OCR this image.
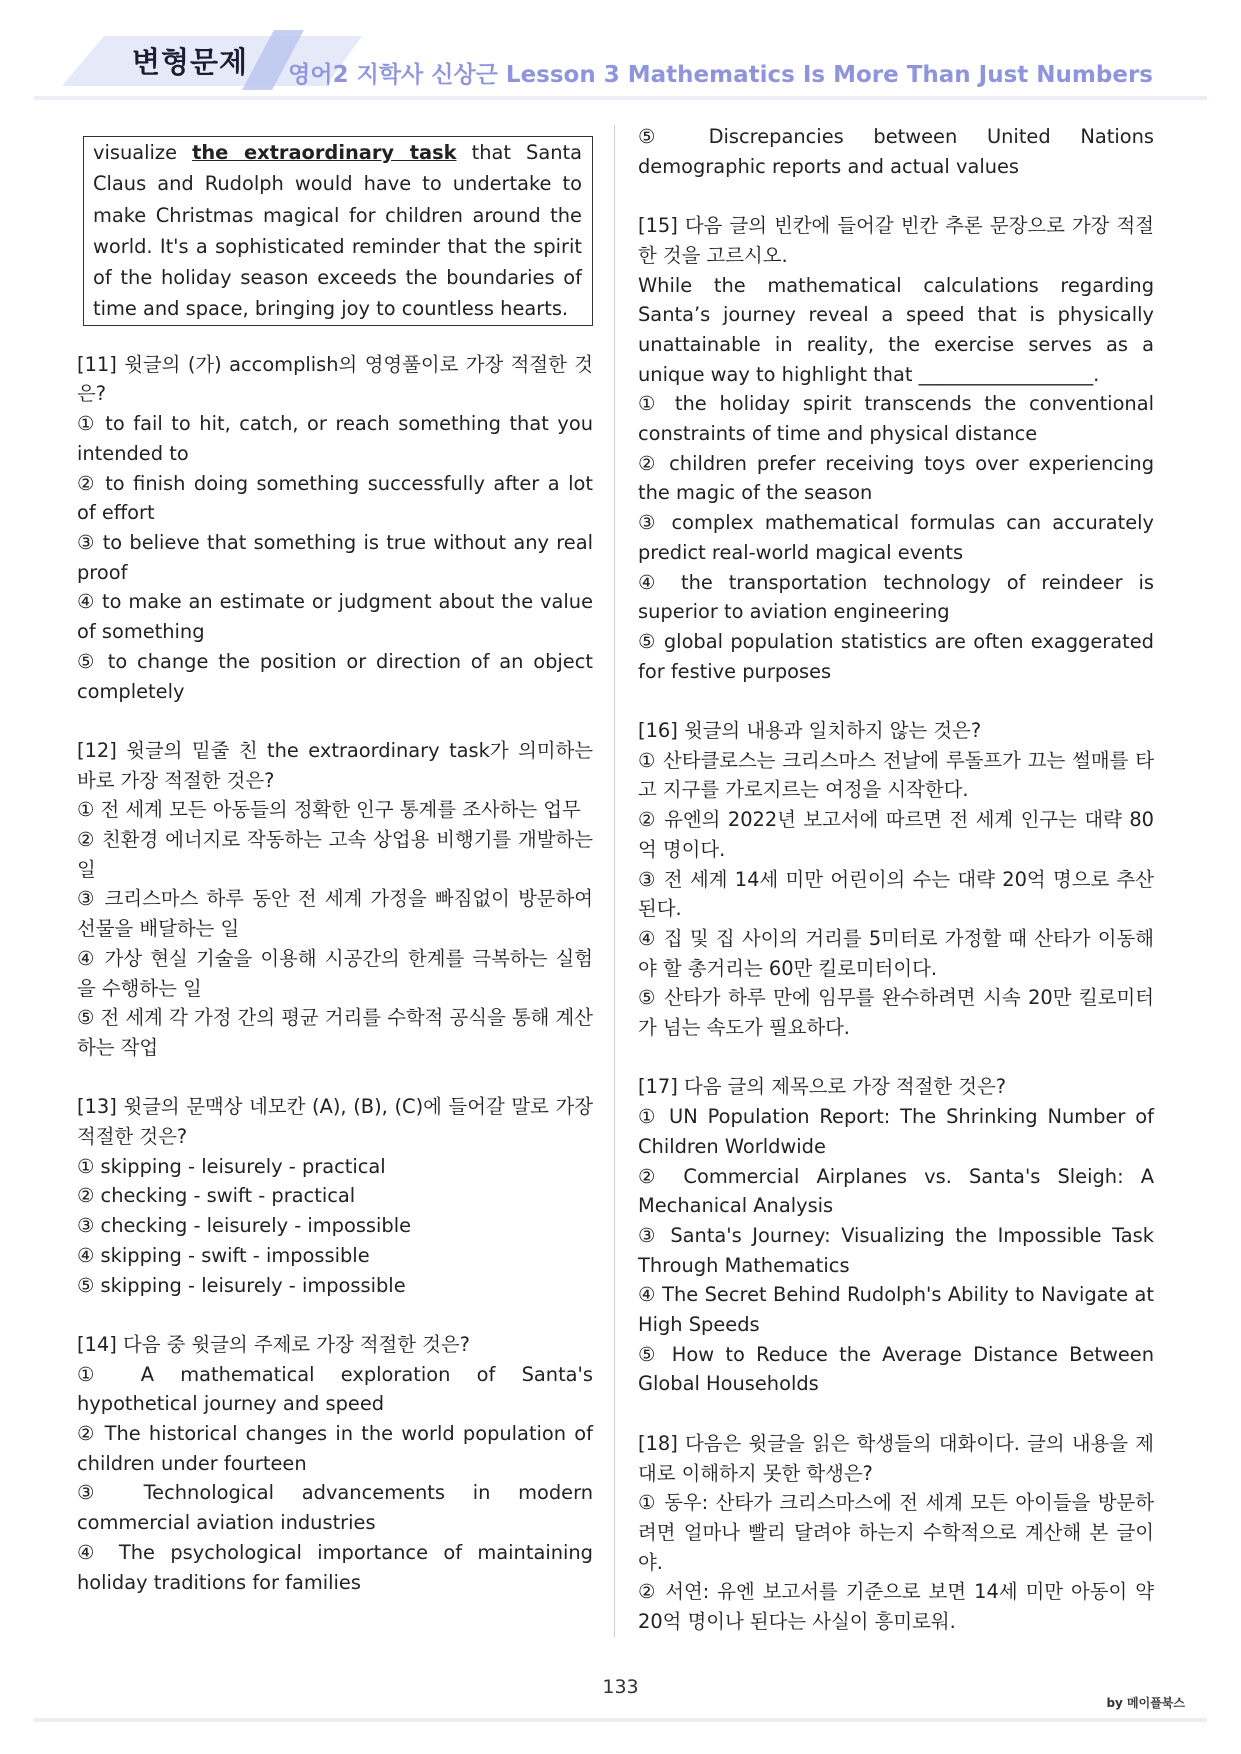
변형문제 영어2 지학사 신상근 Lesson 3 Mathematics Is More Than Just Numbers
visualize the extraordinary task that Santa Claus and Rudolph would have to undertake to make Christmas magical for children around the world. It's a sophisticated reminder that the spirit of the holiday season exceeds the boundaries of time and space, bringing joy to countless hearts.

[11] 윗글의 (가) accomplish의 영영풀이로 가장 적절한 것은?

① to fail to hit, catch, or reach something that you intended to

② to finish doing something successfully after a lot of effort

③ to believe that something is true without any real proof

④ to make an estimate or judgment about the value of something

⑤ to change the position or direction of an object completely

[12] 윗글의 밑줄 친 the extraordinary task가 의미하는 바로 가장 적절한 것은?

① 전 세계 모든 아동들의 정확한 인구 통계를 조사하는 업무

② 친환경 에너지로 작동하는 고속 상업용 비행기를 개발하는 일

③ 크리스마스 하루 동안 전 세계 가정을 빠짐없이 방문하여 선물을 배달하는 일

④ 가상 현실 기술을 이용해 시공간의 한계를 극복하는 실험을 수행하는 일

⑤ 전 세계 각 가정 간의 평균 거리를 수학적 공식을 통해 계산하는 작업

[13] 윗글의 문맥상 네모칸 (A), (B), (C)에 들어갈 말로 가장 적절한 것은?

① skipping - leisurely - practical

② checking - swift - practical

③ checking - leisurely - impossible

④ skipping - swift - impossible

⑤ skipping - leisurely - impossible

[14] 다음 중 윗글의 주제로 가장 적절한 것은?

① A mathematical exploration of Santa's hypothetical journey and speed

② The historical changes in the world population of children under fourteen

③ Technological advancements in modern commercial aviation industries

④ The psychological importance of maintaining holiday traditions for families

⑤ Discrepancies between United Nations demographic reports and actual values

[15] 다음 글의 빈칸에 들어갈 빈칸 추론 문장으로 가장 적절한 것을 고르시오.

While the mathematical calculations regarding Santa’s journey reveal a speed that is physically unattainable in reality, the exercise serves as a unique way to highlight that __________________.

① the holiday spirit transcends the conventional constraints of time and physical distance

② children prefer receiving toys over experiencing the magic of the season

③ complex mathematical formulas can accurately predict real-world magical events

④ the transportation technology of reindeer is superior to aviation engineering

⑤ global population statistics are often exaggerated for festive purposes

[16] 윗글의 내용과 일치하지 않는 것은?

① 산타클로스는 크리스마스 전날에 루돌프가 끄는 썰매를 타고 지구를 가로지르는 여정을 시작한다.

② 유엔의 2022년 보고서에 따르면 전 세계 인구는 대략 80억 명이다.

③ 전 세계 14세 미만 어린이의 수는 대략 20억 명으로 추산된다.

④ 집 및 집 사이의 거리를 5미터로 가정할 때 산타가 이동해야 할 총거리는 60만 킬로미터이다.

⑤ 산타가 하루 만에 임무를 완수하려면 시속 20만 킬로미터가 넘는 속도가 필요하다.

[17] 다음 글의 제목으로 가장 적절한 것은?

① UN Population Report: The Shrinking Number of Children Worldwide

② Commercial Airplanes vs. Santa's Sleigh: A Mechanical Analysis

③ Santa's Journey: Visualizing the Impossible Task Through Mathematics

④ The Secret Behind Rudolph's Ability to Navigate at High Speeds

⑤ How to Reduce the Average Distance Between Global Households

[18] 다음은 윗글을 읽은 학생들의 대화이다. 글의 내용을 제대로 이해하지 못한 학생은?

① 동우: 산타가 크리스마스에 전 세계 모든 아이들을 방문하려면 얼마나 빨리 달려야 하는지 수학적으로 계산해 본 글이야.

② 서연: 유엔 보고서를 기준으로 보면 14세 미만 아동이 약 20억 명이나 된다는 사실이 흥미로워.

133
by 메이플북스
